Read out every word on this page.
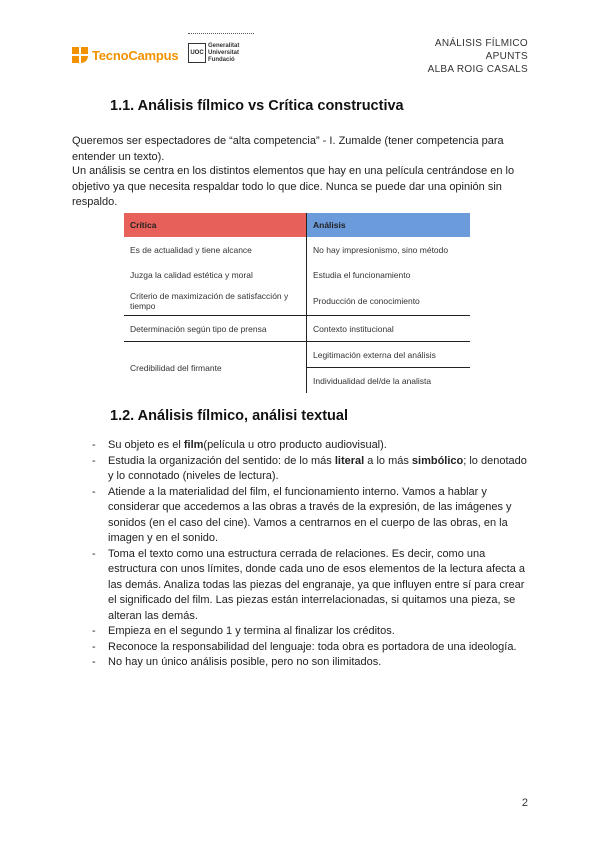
TecnoCampus	UOC
Generalitat
Universitat
Fundació
ANÁLISIS FÍLMICO
APUNTS
ALBA ROIG CASALS
1.1. Análisis fílmico vs Crítica constructiva

Queremos ser espectadores de “alta competencia” - I. Zumalde (tener competencia para entender un texto).

Un análisis se centra en los distintos elementos que hay en una película centrándose en lo objetivo ya que necesita respaldar todo lo que dice. Nunca se puede dar una opinión sin respaldo.

Crítica	Análisis
Es de actualidad y tiene alcance	No hay impresionismo, sino método
Juzga la calidad estética y moral	Estudia el funcionamiento
Criterio de maximización de satisfacción y tiempo	Producción de conocimiento
Determinación según tipo de prensa	Contexto institucional
Credibilidad del firmante	Legitimación externa del análisis
	Individualidad del/de la analista
1.2. Análisis fílmico, análisi textual
- Su objeto es el film(película u otro producto audiovisual).
- Estudia la organización del sentido: de lo más literal a lo más simbólico; lo denotado y lo connotado (niveles de lectura).
- Atiende a la materialidad del film, el funcionamiento interno. Vamos a hablar y considerar que accedemos a las obras a través de la expresión, de las imágenes y sonidos (en el caso del cine). Vamos a centrarnos en el cuerpo de las obras, en la imagen y en el sonido.
- Toma el texto como una estructura cerrada de relaciones. Es decir, como una estructura con unos límites, donde cada uno de esos elementos de la lectura afecta a las demás. Analiza todas las piezas del engranaje, ya que influyen entre sí para crear el significado del film. Las piezas están interrelacionadas, si quitamos una pieza, se alteran las demás.
- Empieza en el segundo 1 y termina al finalizar los créditos.
- Reconoce la responsabilidad del lenguaje: toda obra es portadora de una ideología.
- No hay un único análisis posible, pero no son ilimitados.
2
